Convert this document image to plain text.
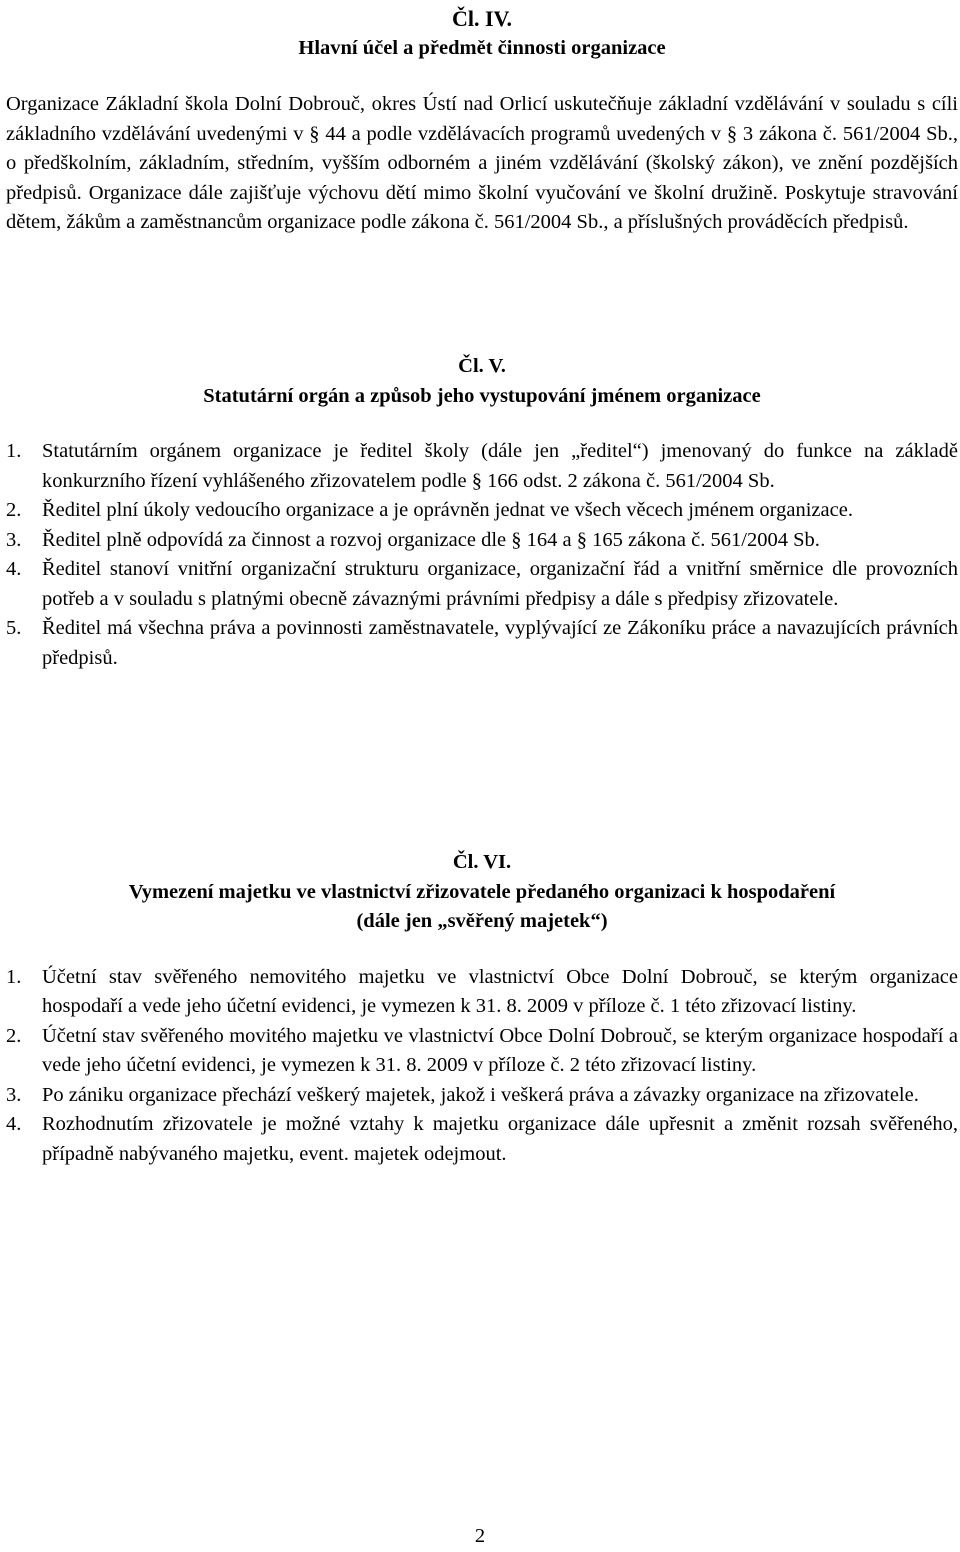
Čl. IV.
Hlavní účel a předmět činnosti organizace

Organizace Základní škola Dolní Dobrouč, okres Ústí nad Orlicí uskutečňuje základní vzdělávání v souladu s cíli základního vzdělávání uvedenými v § 44 a podle vzdělávacích programů uvedených v § 3 zákona č. 561/2004 Sb., o předškolním, základním, středním, vyšším odborném a jiném vzdělávání (školský zákon), ve znění pozdějších předpisů. Organizace dále zajišťuje výchovu dětí mimo školní vyučování ve školní družině. Poskytuje stravování dětem, žákům a zaměstnancům organizace podle zákona č. 561/2004 Sb., a příslušných prováděcích předpisů.

Čl. V.
Statutární orgán a způsob jeho vystupování jménem organizace
1. Statutárním orgánem organizace je ředitel školy (dále jen „ředitel“) jmenovaný do funkce na základě konkurzního řízení vyhlášeného zřizovatelem podle § 166 odst. 2 zákona č. 561/2004 Sb.
2. Ředitel plní úkoly vedoucího organizace a je oprávněn jednat ve všech věcech jménem organizace.
3. Ředitel plně odpovídá za činnost a rozvoj organizace dle § 164 a § 165 zákona č. 561/2004 Sb.
4. Ředitel stanoví vnitřní organizační strukturu organizace, organizační řád a vnitřní směrnice dle provozních potřeb a v souladu s platnými obecně závaznými právními předpisy a dále s předpisy zřizovatele.
5. Ředitel má všechna práva a povinnosti zaměstnavatele, vyplývající ze Zákoníku práce a navazujících právních předpisů.
Čl. VI.
Vymezení majetku ve vlastnictví zřizovatele předaného organizaci k hospodaření
(dále jen „svěřený majetek“)
1. Účetní stav svěřeného nemovitého majetku ve vlastnictví Obce Dolní Dobrouč, se kterým organizace hospodaří a vede jeho účetní evidenci, je vymezen k 31. 8. 2009 v příloze č. 1 této zřizovací listiny.
2. Účetní stav svěřeného movitého majetku ve vlastnictví Obce Dolní Dobrouč, se kterým organizace hospodaří a vede jeho účetní evidenci, je vymezen k 31. 8. 2009 v příloze č. 2 této zřizovací listiny.
3. Po zániku organizace přechází veškerý majetek, jakož i veškerá práva a závazky organizace na zřizovatele.
4. Rozhodnutím zřizovatele je možné vztahy k majetku organizace dále upřesnit a změnit rozsah svěřeného, případně nabývaného majetku, event. majetek odejmout.
2
